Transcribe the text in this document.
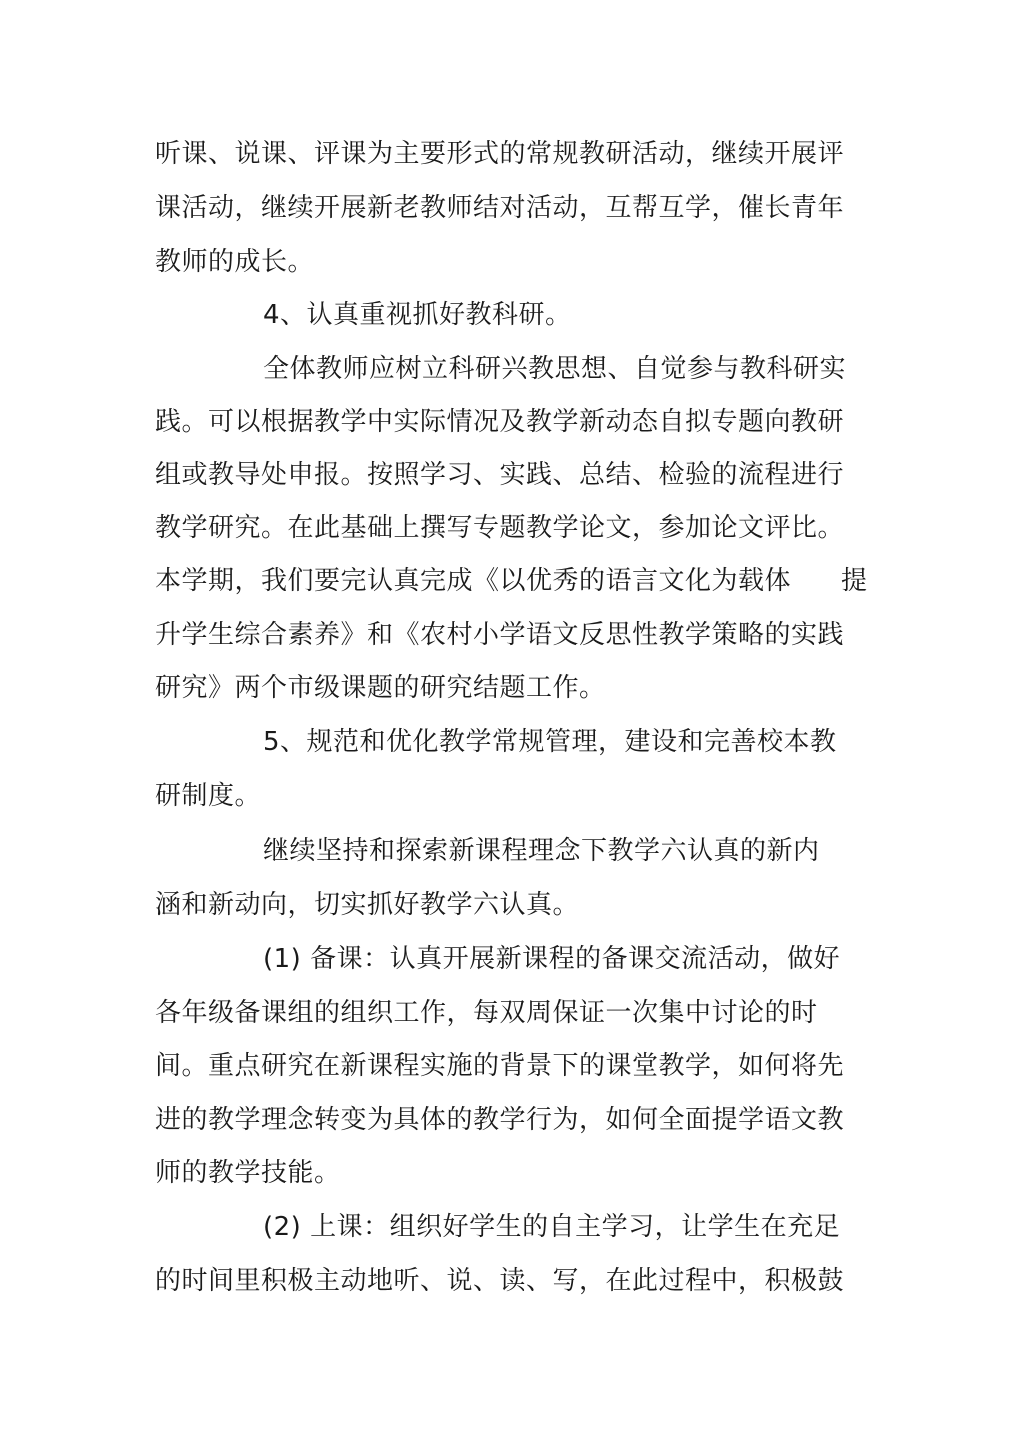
听课、说课、评课为主要形式的常规教研活动，继续开展评
课活动，继续开展新老教师结对活动，互帮互学，催长青年
教师的成长。
4、认真重视抓好教科研。
全体教师应树立科研兴教思想、自觉参与教科研实
践。可以根据教学中实际情况及教学新动态自拟专题向教研
组或教导处申报。按照学习、实践、总结、检验的流程进行
教学研究。在此基础上撰写专题教学论文，参加论文评比。
本学期，我们要完认真完成《以优秀的语言文化为载体 提
升学生综合素养》和《农村小学语文反思性教学策略的实践
研究》两个市级课题的研究结题工作。
5、规范和优化教学常规管理，建设和完善校本教
研制度。
继续坚持和探索新课程理念下教学六认真的新内
涵和新动向，切实抓好教学六认真。
(1) 备课：认真开展新课程的备课交流活动，做好
各年级备课组的组织工作，每双周保证一次集中讨论的时
间。重点研究在新课程实施的背景下的课堂教学，如何将先
进的教学理念转变为具体的教学行为，如何全面提学语文教
师的教学技能。
(2) 上课：组织好学生的自主学习，让学生在充足
的时间里积极主动地听、说、读、写，在此过程中，积极鼓
